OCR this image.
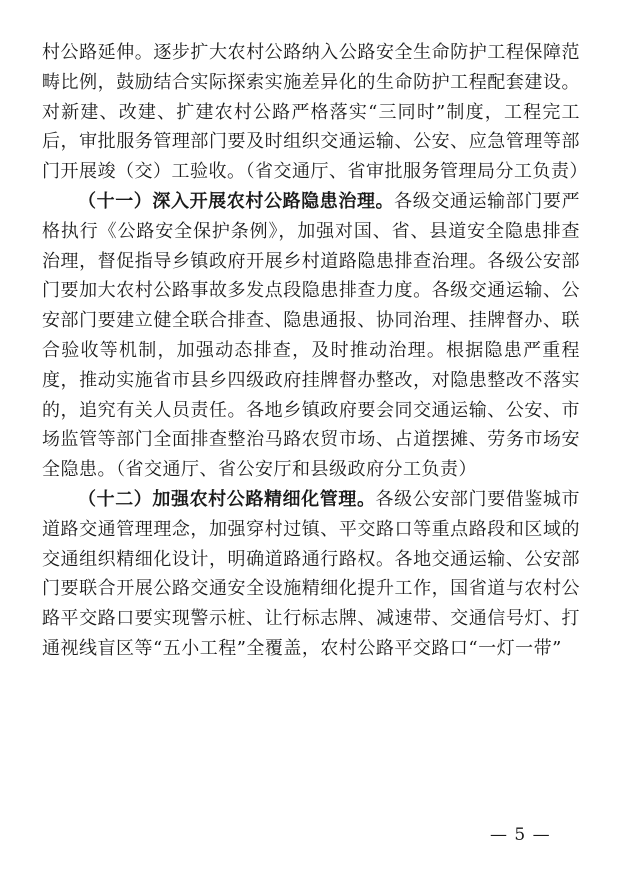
村公路延伸。逐步扩大农村公路纳入公路安全生命防护工程保障范畴比例，鼓励结合实际探索实施差异化的生命防护工程配套建设。对新建、改建、扩建农村公路严格落实“三同时”制度，工程完工后，审批服务管理部门要及时组织交通运输、公安、应急管理等部门开展竣（交）工验收。（省交通厅、省审批服务管理局分工负责）

（十一）深入开展农村公路隐患治理。各级交通运输部门要严格执行《公路安全保护条例》，加强对国、省、县道安全隐患排查治理，督促指导乡镇政府开展乡村道路隐患排查治理。各级公安部门要加大农村公路事故多发点段隐患排查力度。各级交通运输、公安部门要建立健全联合排查、隐患通报、协同治理、挂牌督办、联合验收等机制，加强动态排查，及时推动治理。根据隐患严重程度，推动实施省市县乡四级政府挂牌督办整改，对隐患整改不落实的，追究有关人员责任。各地乡镇政府要会同交通运输、公安、市场监管等部门全面排查整治马路农贸市场、占道摆摊、劳务市场安全隐患。（省交通厅、省公安厅和县级政府分工负责）

（十二）加强农村公路精细化管理。各级公安部门要借鉴城市道路交通管理理念，加强穿村过镇、平交路口等重点路段和区域的交通组织精细化设计，明确道路通行路权。各地交通运输、公安部门要联合开展公路交通安全设施精细化提升工作，国省道与农村公路平交路口要实现警示桩、让行标志牌、减速带、交通信号灯、打通视线盲区等“五小工程”全覆盖，农村公路平交路口“一灯一带”

— 5 —
